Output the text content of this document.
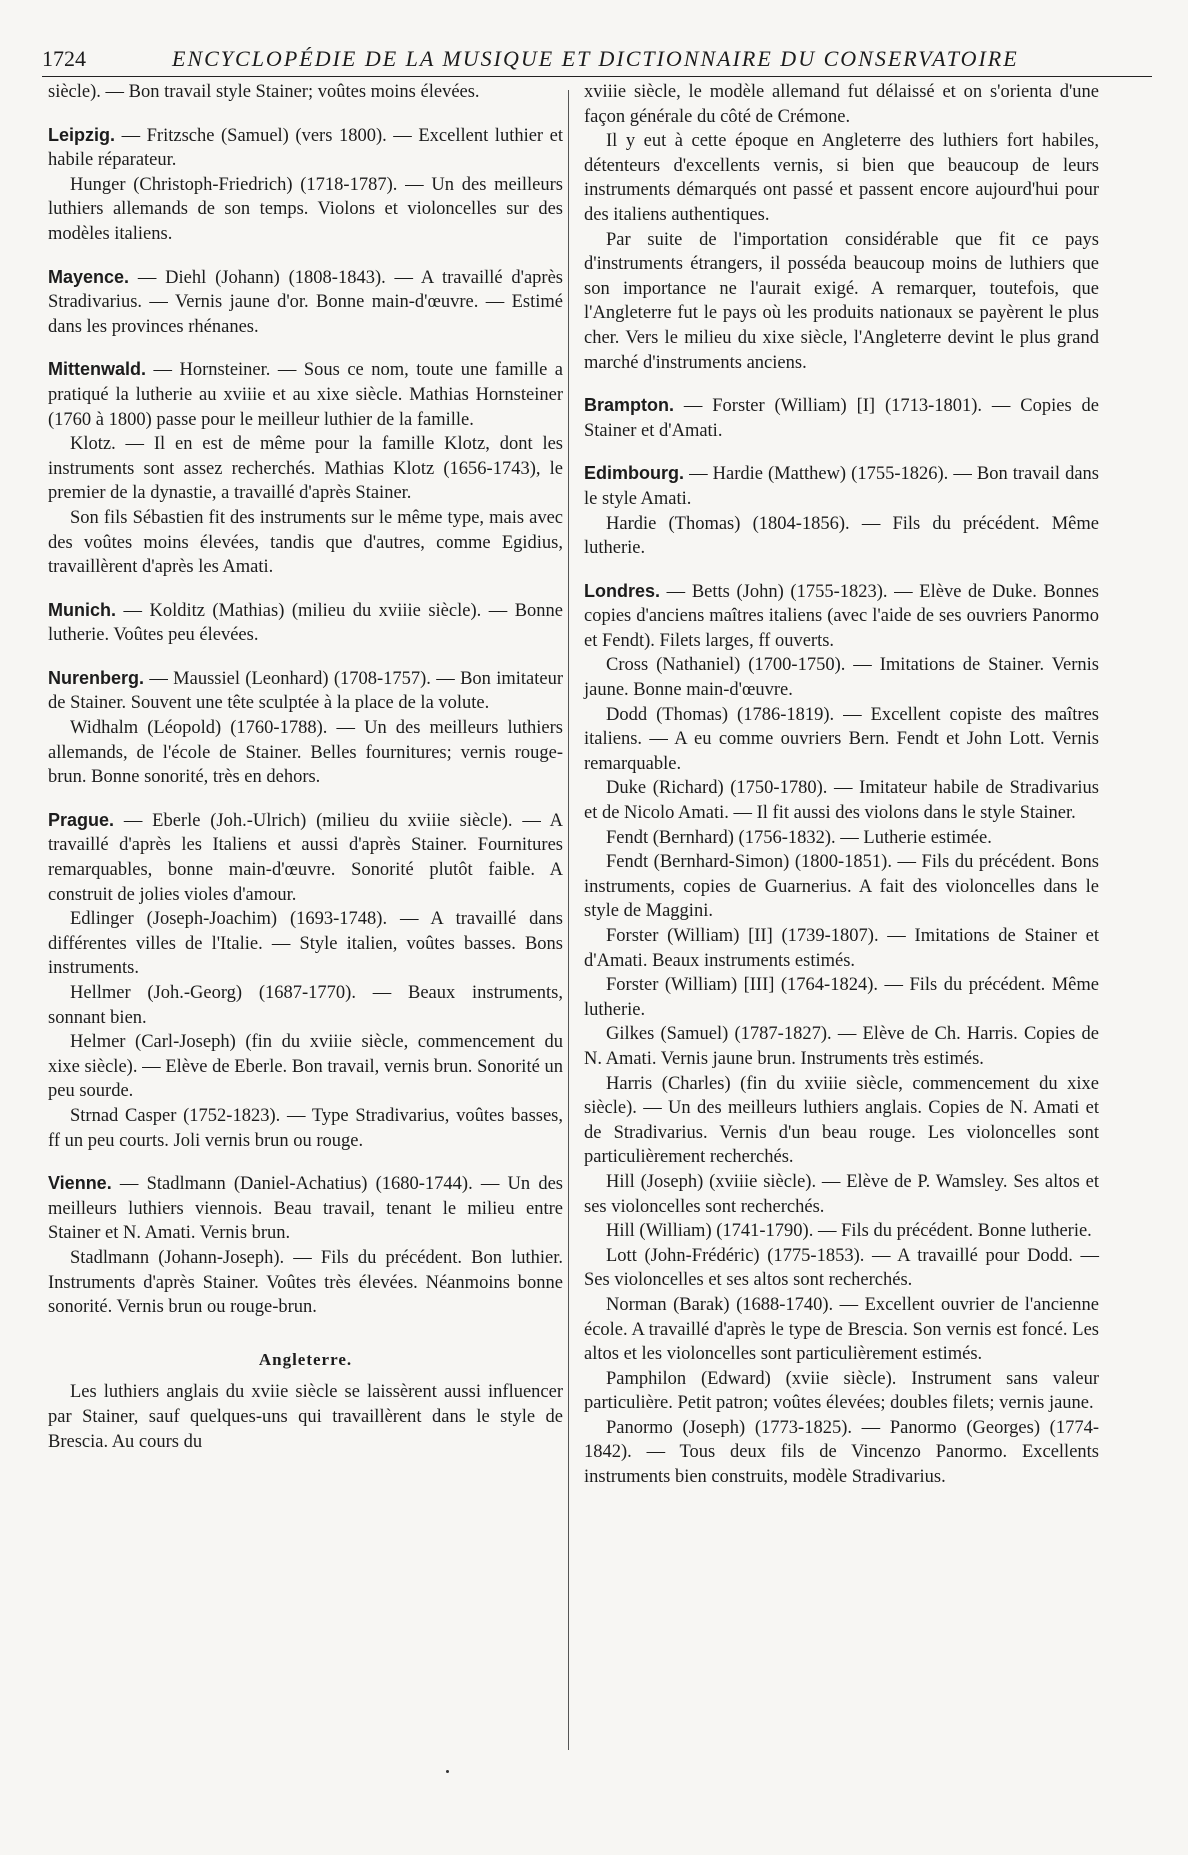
1724	ENCYCLOPÉDIE DE LA MUSIQUE ET DICTIONNAIRE DU CONSERVATOIRE

siècle). — Bon travail style Stainer; voûtes moins élevées.

Leipzig. — Fritzsche (Samuel) (vers 1800). — Excellent luthier et habile réparateur.

Hunger (Christoph-Friedrich) (1718-1787). — Un des meilleurs luthiers allemands de son temps. Violons et violoncelles sur des modèles italiens.

Mayence. — Diehl (Johann) (1808-1843). — A travaillé d'après Stradivarius. — Vernis jaune d'or. Bonne main-d'œuvre. — Estimé dans les provinces rhénanes.

Mittenwald. — Hornsteiner. — Sous ce nom, toute une famille a pratiqué la lutherie au xviiie et au xixe siècle. Mathias Hornsteiner (1760 à 1800) passe pour le meilleur luthier de la famille.

Klotz. — Il en est de même pour la famille Klotz, dont les instruments sont assez recherchés. Mathias Klotz (1656-1743), le premier de la dynastie, a travaillé d'après Stainer.

Son fils Sébastien fit des instruments sur le même type, mais avec des voûtes moins élevées, tandis que d'autres, comme Egidius, travaillèrent d'après les Amati.

Munich. — Kolditz (Mathias) (milieu du xviiie siècle). — Bonne lutherie. Voûtes peu élevées.

Nurenberg. — Maussiel (Leonhard) (1708-1757). — Bon imitateur de Stainer. Souvent une tête sculptée à la place de la volute.

Widhalm (Léopold) (1760-1788). — Un des meilleurs luthiers allemands, de l'école de Stainer. Belles fournitures; vernis rouge-brun. Bonne sonorité, très en dehors.

Prague. — Eberle (Joh.-Ulrich) (milieu du xviiie siècle). — A travaillé d'après les Italiens et aussi d'après Stainer. Fournitures remarquables, bonne main-d'œuvre. Sonorité plutôt faible. A construit de jolies violes d'amour.

Edlinger (Joseph-Joachim) (1693-1748). — A travaillé dans différentes villes de l'Italie. — Style italien, voûtes basses. Bons instruments.

Hellmer (Joh.-Georg) (1687-1770). — Beaux instruments, sonnant bien.

Helmer (Carl-Joseph) (fin du xviiie siècle, commencement du xixe siècle). — Elève de Eberle. Bon travail, vernis brun. Sonorité un peu sourde.

Strnad Casper (1752-1823). — Type Stradivarius, voûtes basses, ff un peu courts. Joli vernis brun ou rouge.

Vienne. — Stadlmann (Daniel-Achatius) (1680-1744). — Un des meilleurs luthiers viennois. Beau travail, tenant le milieu entre Stainer et N. Amati. Vernis brun.

Stadlmann (Johann-Joseph). — Fils du précédent. Bon luthier. Instruments d'après Stainer. Voûtes très élevées. Néanmoins bonne sonorité. Vernis brun ou rouge-brun.

Angleterre.

Les luthiers anglais du xviie siècle se laissèrent aussi influencer par Stainer, sauf quelques-uns qui travaillèrent dans le style de Brescia. Au cours du

xviiie siècle, le modèle allemand fut délaissé et on s'orienta d'une façon générale du côté de Crémone.

Il y eut à cette époque en Angleterre des luthiers fort habiles, détenteurs d'excellents vernis, si bien que beaucoup de leurs instruments démarqués ont passé et passent encore aujourd'hui pour des italiens authentiques.

Par suite de l'importation considérable que fit ce pays d'instruments étrangers, il posséda beaucoup moins de luthiers que son importance ne l'aurait exigé. A remarquer, toutefois, que l'Angleterre fut le pays où les produits nationaux se payèrent le plus cher. Vers le milieu du xixe siècle, l'Angleterre devint le plus grand marché d'instruments anciens.

Brampton. — Forster (William) [I] (1713-1801). — Copies de Stainer et d'Amati.

Edimbourg. — Hardie (Matthew) (1755-1826). — Bon travail dans le style Amati.

Hardie (Thomas) (1804-1856). — Fils du précédent. Même lutherie.

Londres. — Betts (John) (1755-1823). — Elève de Duke. Bonnes copies d'anciens maîtres italiens (avec l'aide de ses ouvriers Panormo et Fendt). Filets larges, ff ouverts.

Cross (Nathaniel) (1700-1750). — Imitations de Stainer. Vernis jaune. Bonne main-d'œuvre.

Dodd (Thomas) (1786-1819). — Excellent copiste des maîtres italiens. — A eu comme ouvriers Bern. Fendt et John Lott. Vernis remarquable.

Duke (Richard) (1750-1780). — Imitateur habile de Stradivarius et de Nicolo Amati. — Il fit aussi des violons dans le style Stainer.

Fendt (Bernhard) (1756-1832). — Lutherie estimée.

Fendt (Bernhard-Simon) (1800-1851). — Fils du précédent. Bons instruments, copies de Guarnerius. A fait des violoncelles dans le style de Maggini.

Forster (William) [II] (1739-1807). — Imitations de Stainer et d'Amati. Beaux instruments estimés.

Forster (William) [III] (1764-1824). — Fils du précédent. Même lutherie.

Gilkes (Samuel) (1787-1827). — Elève de Ch. Harris. Copies de N. Amati. Vernis jaune brun. Instruments très estimés.

Harris (Charles) (fin du xviiie siècle, commencement du xixe siècle). — Un des meilleurs luthiers anglais. Copies de N. Amati et de Stradivarius. Vernis d'un beau rouge. Les violoncelles sont particulièrement recherchés.

Hill (Joseph) (xviiie siècle). — Elève de P. Wamsley. Ses altos et ses violoncelles sont recherchés.

Hill (William) (1741-1790). — Fils du précédent. Bonne lutherie.

Lott (John-Frédéric) (1775-1853). — A travaillé pour Dodd. — Ses violoncelles et ses altos sont recherchés.

Norman (Barak) (1688-1740). — Excellent ouvrier de l'ancienne école. A travaillé d'après le type de Brescia. Son vernis est foncé. Les altos et les violoncelles sont particulièrement estimés.

Pamphilon (Edward) (xviie siècle). Instrument sans valeur particulière. Petit patron; voûtes élevées; doubles filets; vernis jaune.

Panormo (Joseph) (1773-1825). — Panormo (Georges) (1774-1842). — Tous deux fils de Vincenzo Panormo. Excellents instruments bien construits, modèle Stradivarius.
